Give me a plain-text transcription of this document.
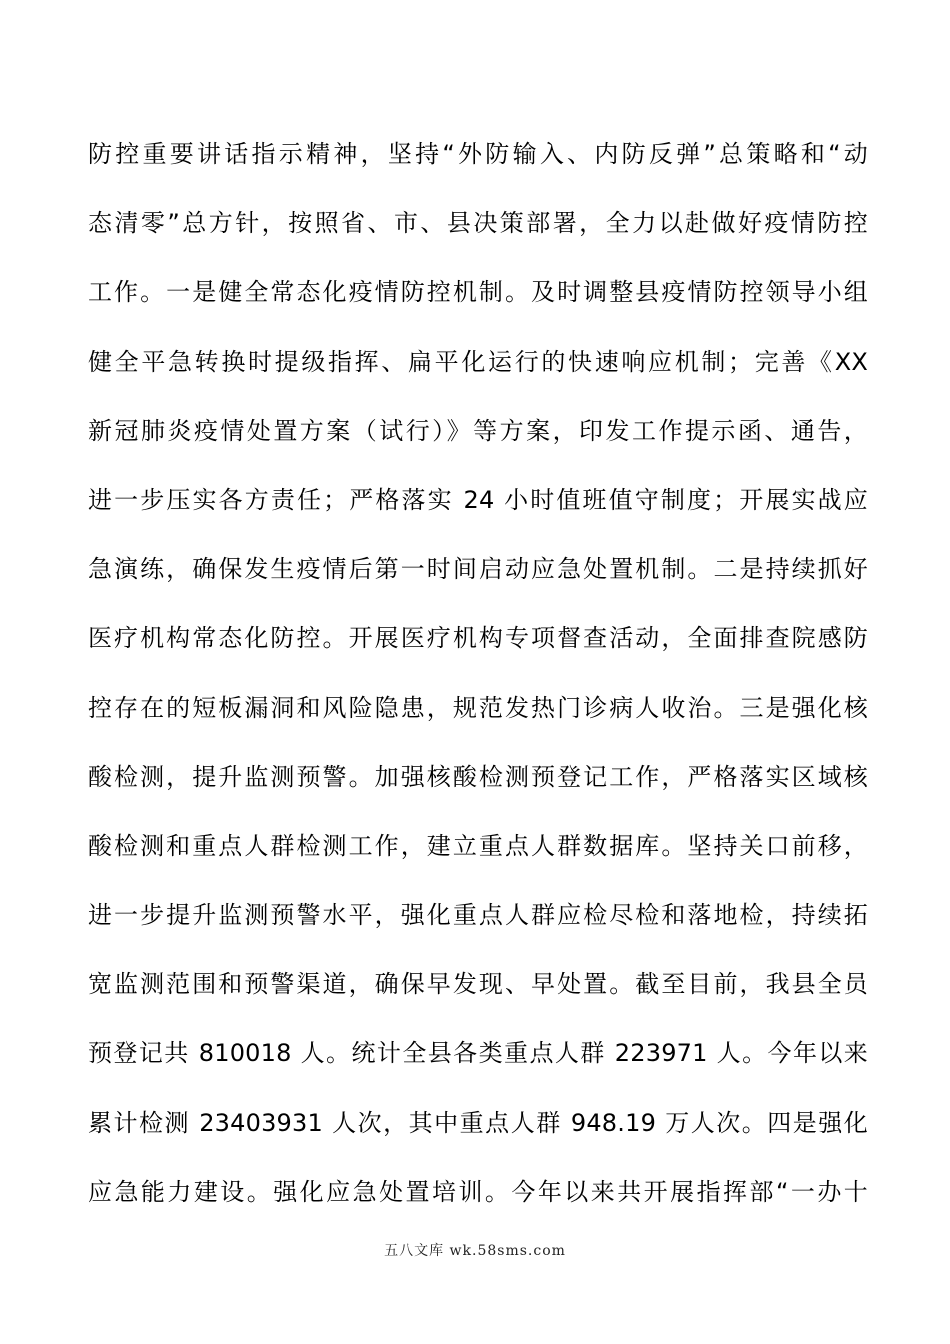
防控重要讲话指示精神，坚持“外防输入、内防反弹”总策略和“动
态清零”总方针，按照省、市、县决策部署，全力以赴做好疫情防控
工作。一是健全常态化疫情防控机制。及时调整县疫情防控领导小组
健全平急转换时提级指挥、扁平化运行的快速响应机制；完善《XX
新冠肺炎疫情处置方案（试行）》等方案，印发工作提示函、通告，
进一步压实各方责任；严格落实 24 小时值班值守制度；开展实战应
急演练，确保发生疫情后第一时间启动应急处置机制。二是持续抓好
医疗机构常态化防控。开展医疗机构专项督查活动，全面排查院感防
控存在的短板漏洞和风险隐患，规范发热门诊病人收治。三是强化核
酸检测，提升监测预警。加强核酸检测预登记工作，严格落实区域核
酸检测和重点人群检测工作，建立重点人群数据库。坚持关口前移，
进一步提升监测预警水平，强化重点人群应检尽检和落地检，持续拓
宽监测范围和预警渠道，确保早发现、早处置。截至目前，我县全员
预登记共 810018 人。统计全县各类重点人群 223971 人。今年以来
累计检测 23403931 人次，其中重点人群 948.19 万人次。四是强化
应急能力建设。强化应急处置培训。今年以来共开展指挥部“一办十
五八文库 wk.58sms.com
